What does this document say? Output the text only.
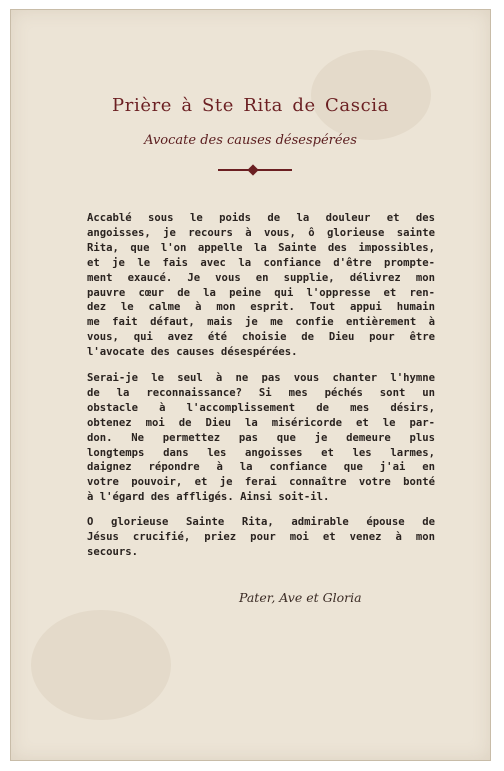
Prière à Ste Rita de Cascia
Avocate des causes désespérées
Accablé sous le poids de la douleur et des
angoisses, je recours à vous, ô glorieuse sainte
Rita, que l'on appelle la Sainte des impossibles,
et je le fais avec la confiance d'être prompte-
ment exaucé. Je vous en supplie, délivrez mon
pauvre cœur de la peine qui l'oppresse et ren-
dez le calme à mon esprit. Tout appui humain
me fait défaut, mais je me confie entièrement à
vous, qui avez été choisie de Dieu pour être
l'avocate des causes désespérées.
Serai-je le seul à ne pas vous chanter l'hymne
de la reconnaissance? Si mes péchés sont un
obstacle à l'accomplissement de mes désirs,
obtenez moi de Dieu la miséricorde et le par-
don. Ne permettez pas que je demeure plus
longtemps dans les angoisses et les larmes,
daignez répondre à la confiance que j'ai en
votre pouvoir, et je ferai connaître votre bonté
à l'égard des affligés. Ainsi soit-il.
O glorieuse Sainte Rita, admirable épouse de
Jésus crucifié, priez pour moi et venez à mon
secours.
Pater, Ave et Gloria
